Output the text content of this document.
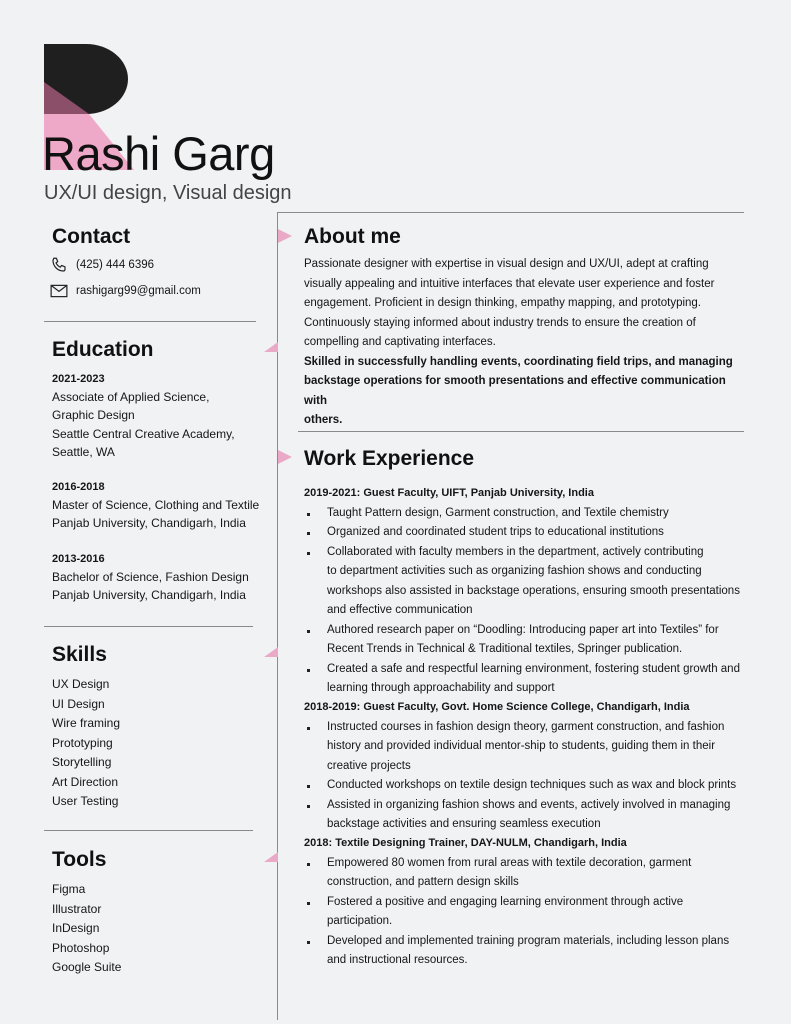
Rashi Garg
UX/UI design, Visual design
Contact
(425) 444 6396
rashigarg99@gmail.com
Education
2021-2023
Associate of Applied Science,
Graphic Design
Seattle Central Creative Academy,
Seattle, WA
2016-2018
Master of Science, Clothing and Textile
Panjab University, Chandigarh, India
2013-2016
Bachelor of Science, Fashion Design
Panjab University, Chandigarh, India
Skills
UX Design
UI Design
Wire framing
Prototyping
Storytelling
Art Direction
User Testing
Tools
Figma
Illustrator
InDesign
Photoshop
Google Suite
About me
Passionate designer with expertise in visual design and UX/UI, adept at crafting
visually appealing and intuitive interfaces that elevate user experience and foster
engagement. Proficient in design thinking, empathy mapping, and prototyping.
Continuously staying informed about industry trends to ensure the creation of
compelling and captivating interfaces.
Skilled in successfully handling events, coordinating field trips, and managing
backstage operations for smooth presentations and effective communication with
others.
Work Experience
2019-2021: Guest Faculty, UIFT, Panjab University, India
Taught Pattern design, Garment construction, and Textile chemistry
Organized and coordinated student trips to educational institutions
Collaborated with faculty members in the department, actively contributing
to department activities such as organizing fashion shows and conducting
workshops also assisted in backstage operations, ensuring smooth presentations
and effective communication
Authored research paper on “Doodling: Introducing paper art into Textiles” for
Recent Trends in Technical & Traditional textiles, Springer publication.
Created a safe and respectful learning environment, fostering student growth and
learning through approachability and support
2018-2019: Guest Faculty, Govt. Home Science College, Chandigarh, India
Instructed courses in fashion design theory, garment construction, and fashion
history and provided individual mentor-ship to students, guiding them in their
creative projects
Conducted workshops on textile design techniques such as wax and block prints
Assisted in organizing fashion shows and events, actively involved in managing
backstage activities and ensuring seamless execution
2018: Textile Designing Trainer, DAY-NULM, Chandigarh, India
Empowered 80 women from rural areas with textile decoration, garment
construction, and pattern design skills
Fostered a positive and engaging learning environment through active
participation.
Developed and implemented training program materials, including lesson plans
and instructional resources.
